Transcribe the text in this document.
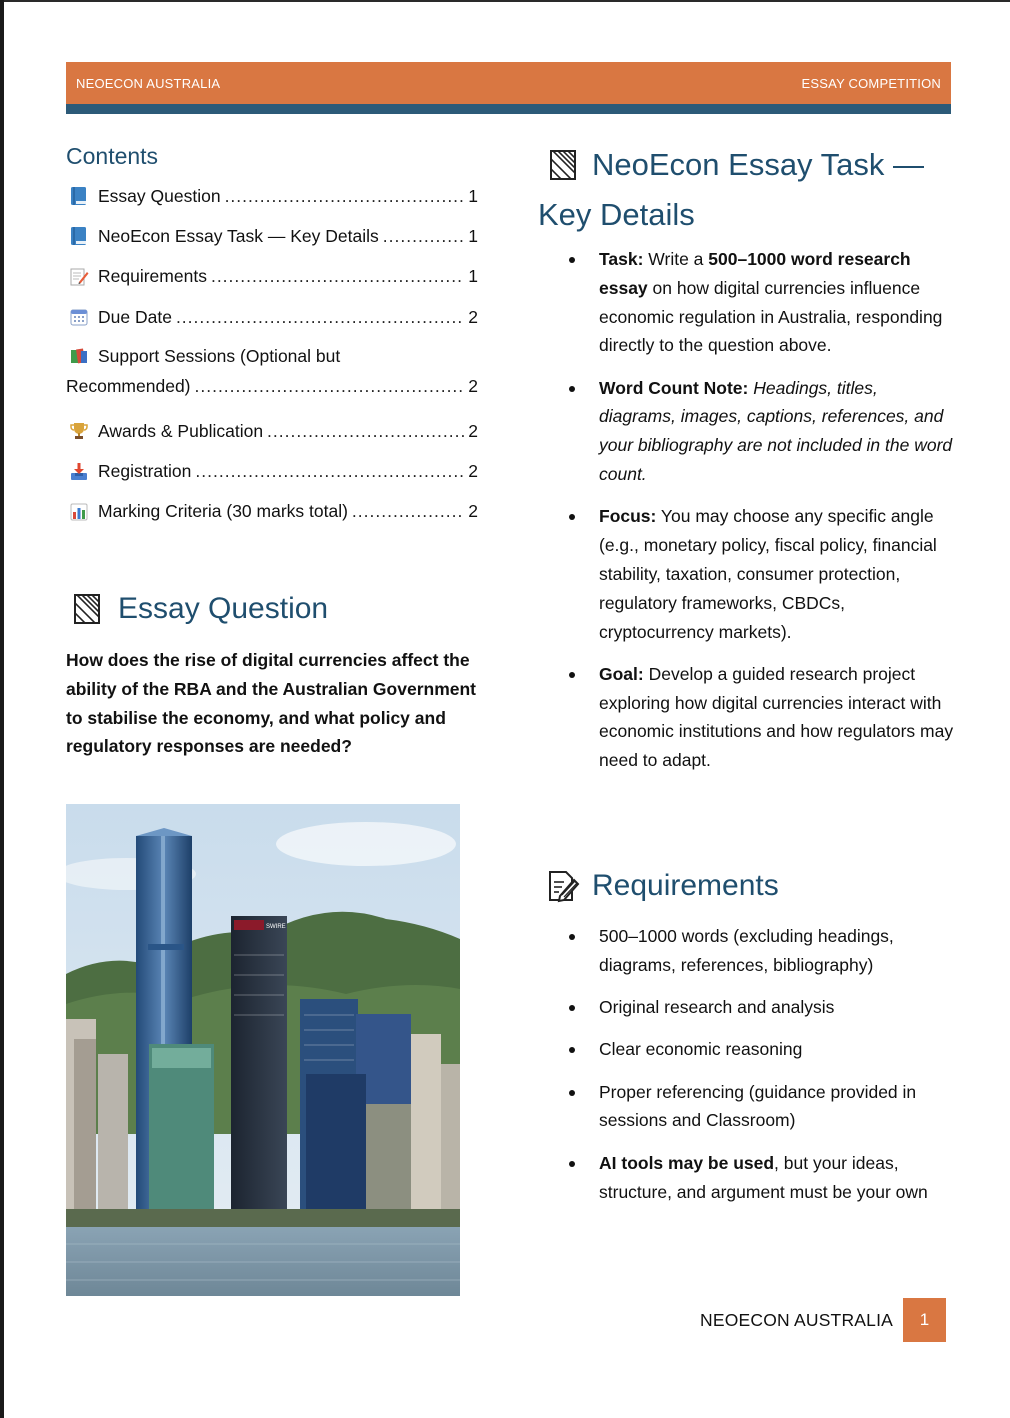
NEOECON AUSTRALIA	ESSAY COMPETITION
Contents
Essay Question .....	1
NeoEcon Essay Task — Key Details .....	1
Requirements .....	1
Due Date .....	2
Support Sessions (Optional but
Recommended) .....	2
Awards & Publication .....	2
Registration .....	2
Marking Criteria (30 marks total) .....	2
Essay Question
How does the rise of digital currencies affect the ability of the RBA and the Australian Government to stabilise the economy, and what policy and regulatory responses are needed?
SWIRE
NeoEcon Essay Task —
Key Details
Task: Write a 500–1000 word research essay on how digital currencies influence economic regulation in Australia, responding directly to the question above.
Word Count Note: Headings, titles, diagrams, images, captions, references, and your bibliography are not included in the word count.
Focus: You may choose any specific angle (e.g., monetary policy, fiscal policy, financial stability, taxation, consumer protection, regulatory frameworks, CBDCs, cryptocurrency markets).
Goal: Develop a guided research project exploring how digital currencies interact with economic institutions and how regulators may need to adapt.
Requirements
500–1000 words (excluding headings, diagrams, references, bibliography)
Original research and analysis
Clear economic reasoning
Proper referencing (guidance provided in sessions and Classroom)
AI tools may be used, but your ideas, structure, and argument must be your own
NEOECON AUSTRALIA	1
